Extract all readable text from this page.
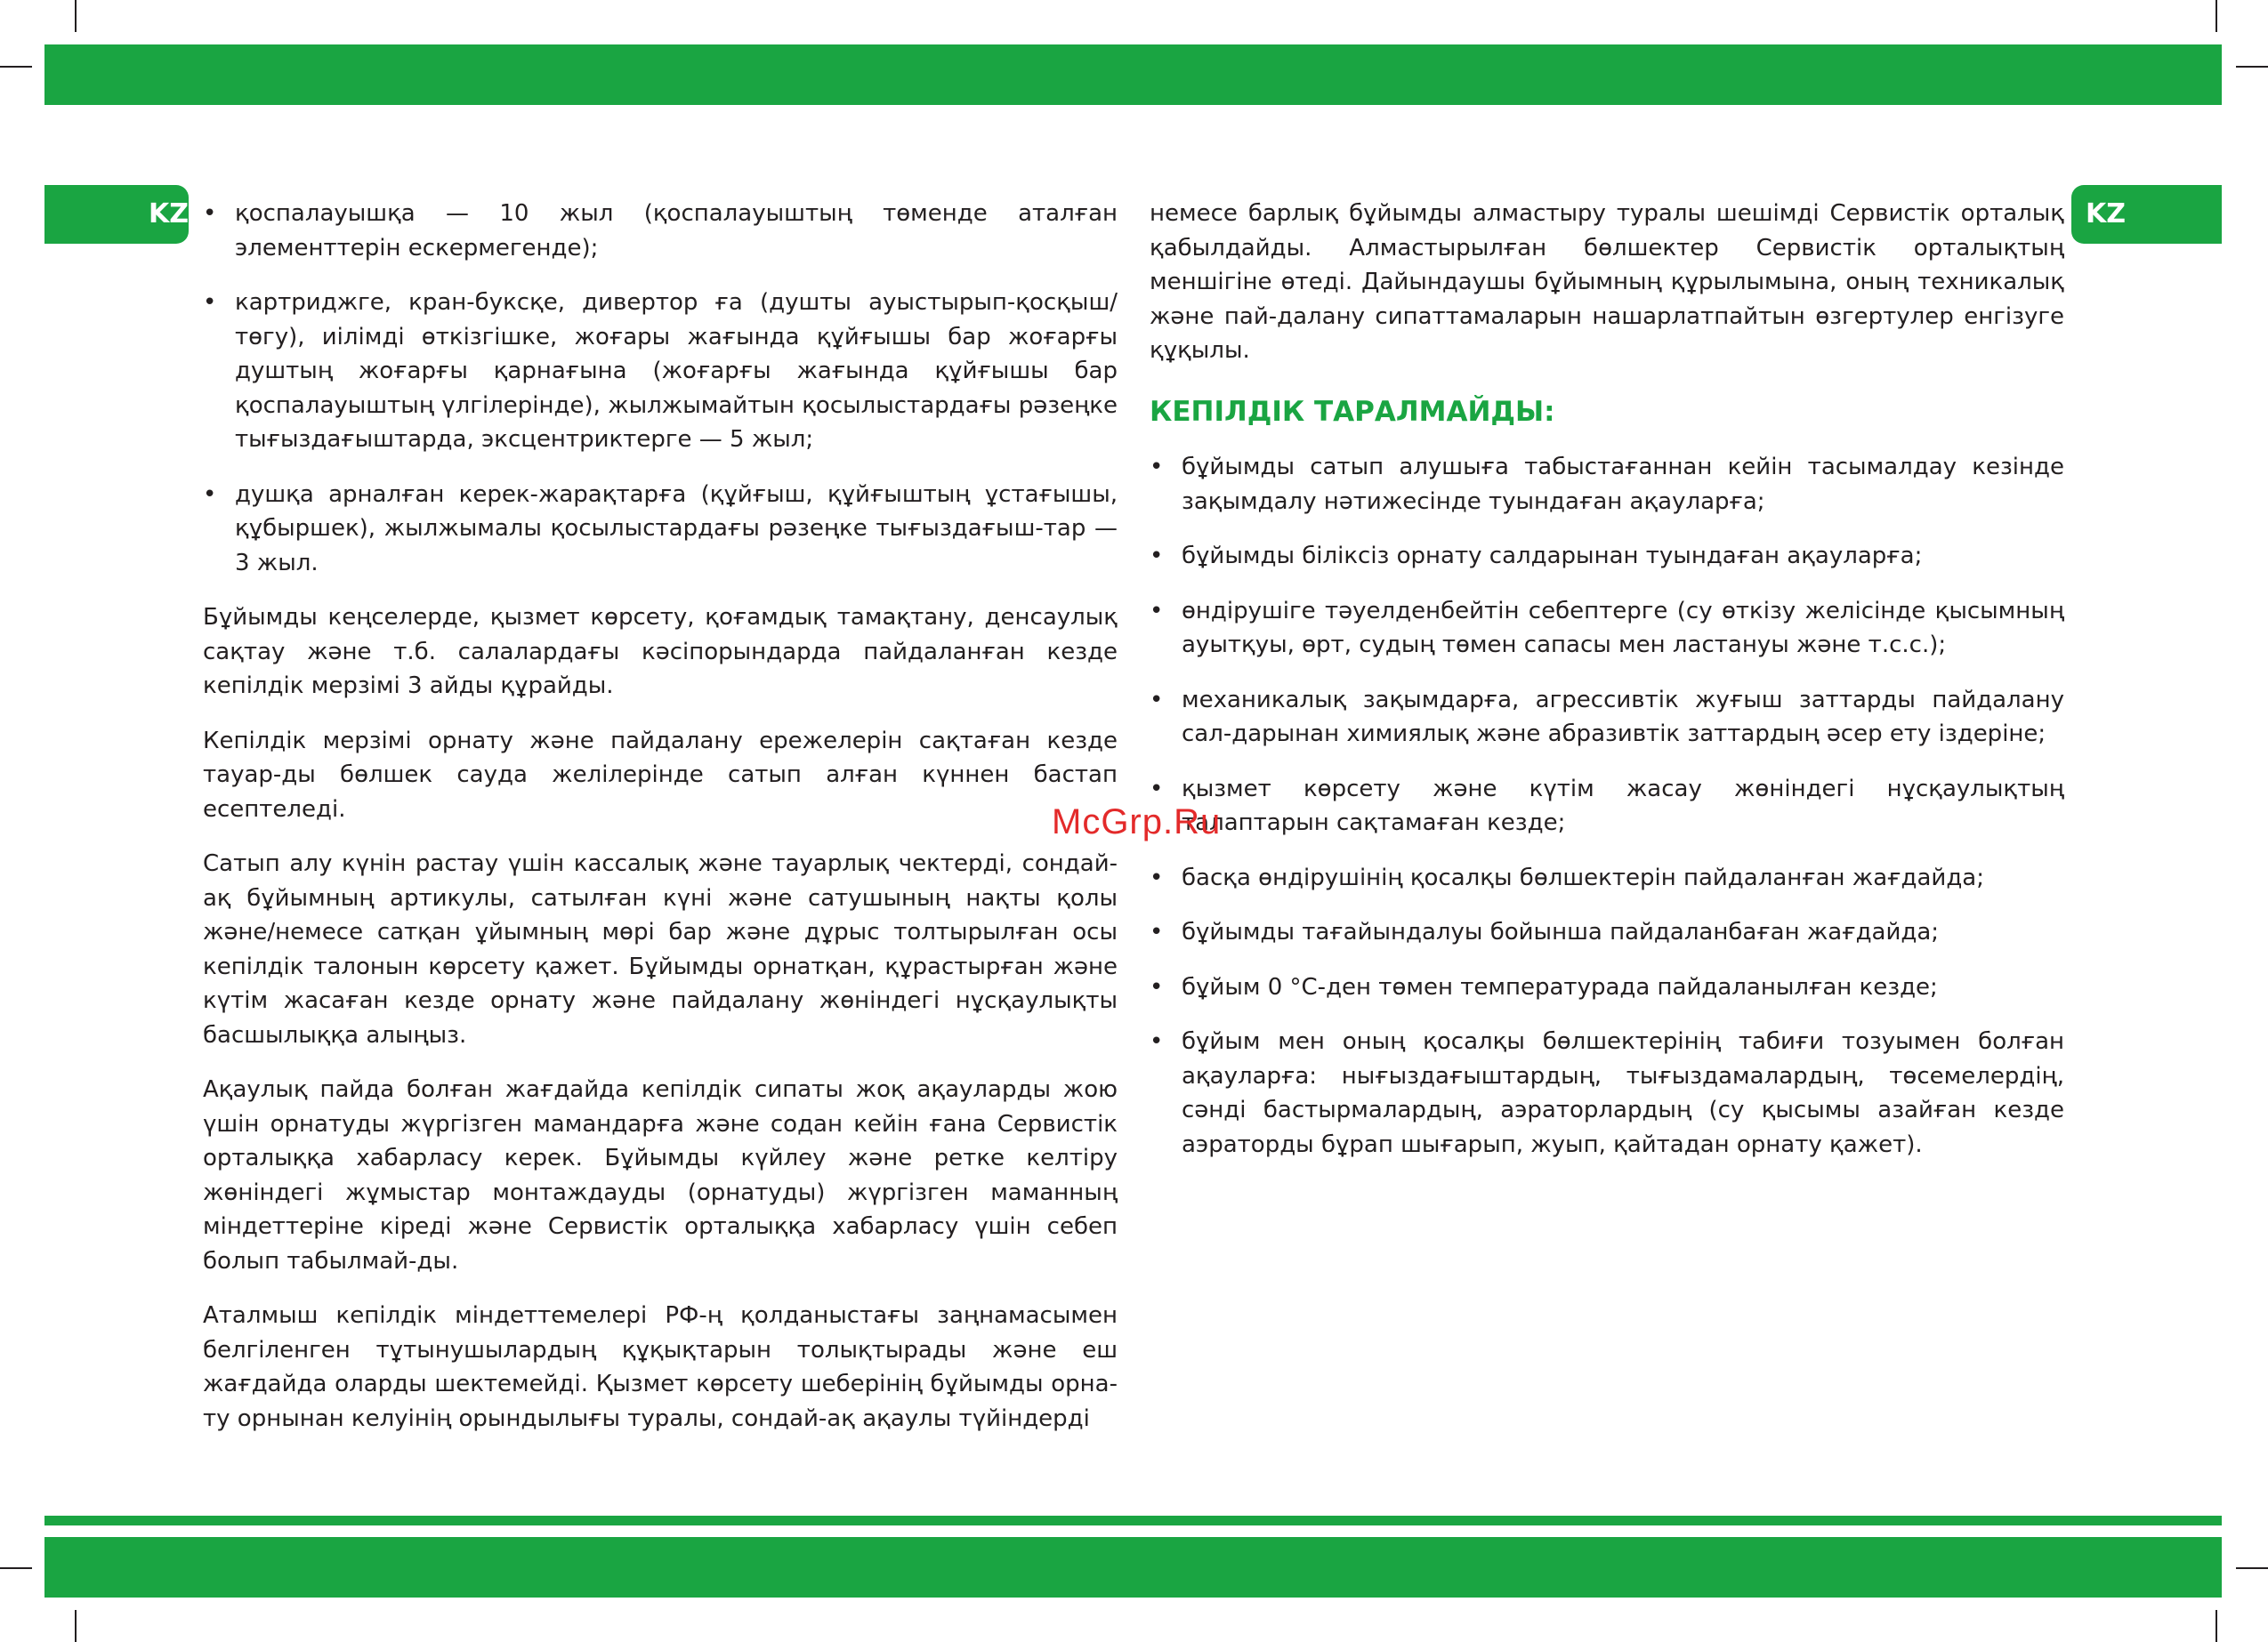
KZ	KZ
• қоспалауышқа — 10 жыл (қоспалауыштың төменде аталған элементтерін ескермегенде);
• картриджге, кран-буксқе, дивертор ға (душты ауыстырып-қосқыш/төгу), иілімді өткізгішке, жоғары жағында құйғышы бар жоғарғы душтың жоғарғы қарнағына (жоғарғы жағында құйғышы бар қоспалауыштың үлгілерінде), жылжымайтын қосылыстардағы рәзеңке тығыздағыштарда, эксцентриктерге — 5 жыл;
• душқа арналған керек-жарақтарға (құйғыш, құйғыштың ұстағышы, құбыршек), жылжымалы қосылыстардағы рәзеңке тығыздағыш-тар — 3 жыл.

Бұйымды кеңселерде, қызмет көрсету, қоғамдық тамақтану, денсаулық сақтау және т.б. салалардағы кәсіпорындарда пайдаланған кезде кепілдік мерзімі 3 айды құрайды.

Кепілдік мерзімі орнату және пайдалану ережелерін сақтаған кезде тауар-ды бөлшек сауда желілерінде сатып алған күннен бастап есептеледі.

Сатып алу күнін растау үшін кассалық және тауарлық чектерді, сондай-ақ бұйымның артикулы, сатылған күні және сатушының нақты қолы және/немесе сатқан ұйымның мөрі бар және дұрыс толтырылған осы кепілдік талонын көрсету қажет. Бұйымды орнатқан, құрастырған және күтім жасаған кезде орнату және пайдалану жөніндегі нұсқаулықты басшылыққа алыңыз.

Ақаулық пайда болған жағдайда кепілдік сипаты жоқ ақауларды жою үшін орнатуды жүргізген мамандарға және содан кейін ғана Сервистік орталыққа хабарласу керек. Бұйымды күйлеу және ретке келтіру жөніндегі жұмыстар монтаждауды (орнатуды) жүргізген маманның міндеттеріне кіреді және Сервистік орталыққа хабарласу үшін себеп болып табылмай-ды.

Аталмыш кепілдік міндеттемелері РФ-ң қолданыстағы заңнамасымен белгіленген тұтынушылардың құқықтарын толықтырады және еш жағдайда оларды шектемейді. Қызмет көрсету шеберінің бұйымды орна-ту орнынан келуінің орындылығы туралы, сондай-ақ ақаулы түйіндерді

немесе барлық бұйымды алмастыру туралы шешімді Сервистік орталық қабылдайды. Алмастырылған бөлшектер Сервистік орталықтың меншігіне өтеді. Дайындаушы бұйымның құрылымына, оның техникалық және пай-далану сипаттамаларын нашарлатпайтын өзгертулер енгізуге құқылы.

КЕПІЛДІК ТАРАЛМАЙДЫ:
• бұйымды сатып алушыға табыстағаннан кейін тасымалдау кезінде зақымдалу нәтижесінде туындаған ақауларға;
• бұйымды біліксіз орнату салдарынан туындаған ақауларға;
• өндірушіге тәуелденбейтін себептерге (су өткізу желісінде қысымның ауытқуы, өрт, судың төмен сапасы мен ластануы және т.с.с.);
• механикалық зақымдарға, агрессивтік жуғыш заттарды пайдалану сал-дарынан химиялық және абразивтік заттардың әсер ету іздеріне;
• қызмет көрсету және күтім жасау жөніндегі нұсқаулықтың талаптарын сақтамаған кезде;
• басқа өндірушінің қосалқы бөлшектерін пайдаланған жағдайда;
• бұйымды тағайындалуы бойынша пайдаланбаған жағдайда;
• бұйым 0 °С-ден төмен температурада пайдаланылған кезде;
• бұйым мен оның қосалқы бөлшектерінің табиғи тозуымен болған ақауларға: нығыздағыштардың, тығыздамалардың, төсемелердің, сәнді бастырмалардың, аэраторлардың (су қысымы азайған кезде аэраторды бұрап шығарып, жуып, қайтадан орнату қажет).
McGrp.Ru
